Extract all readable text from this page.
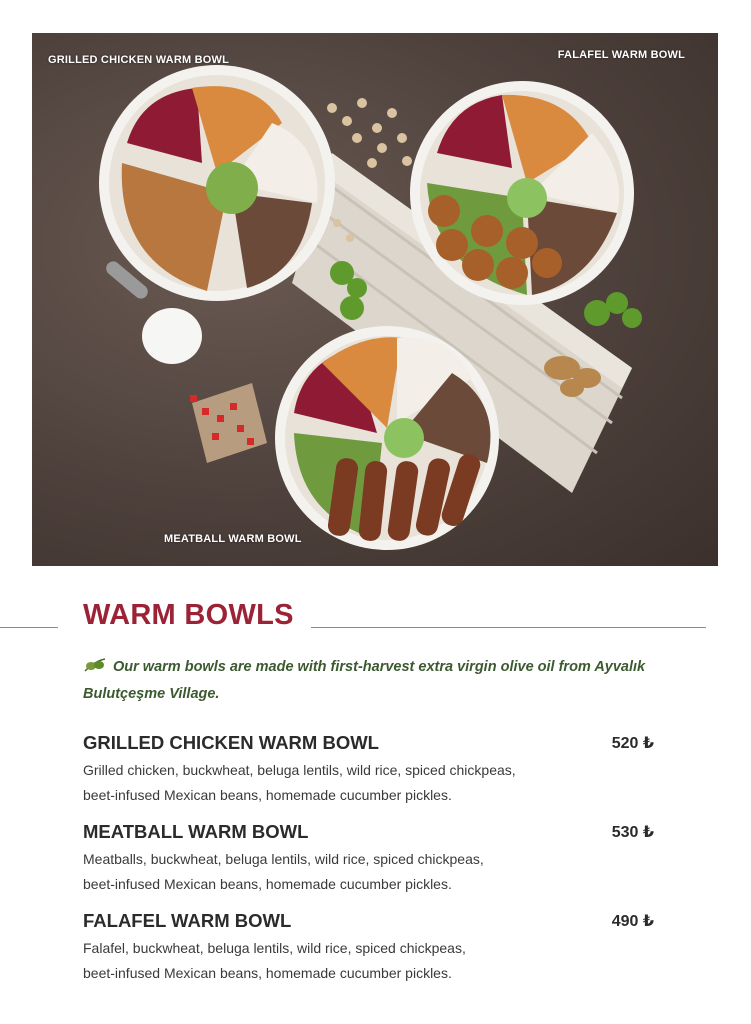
GRILLED CHICKEN WARM BOWL	FALAFEL WARM BOWL
MEATBALL WARM BOWL
WARM BOWLS
Our warm bowls are made with first-harvest extra virgin olive oil from Ayvalık Bulutçeşme Village.
GRILLED CHICKEN WARM BOWL	520 ₺
Grilled chicken, buckwheat, beluga lentils, wild rice, spiced chickpeas,
beet-infused Mexican beans, homemade cucumber pickles.
MEATBALL WARM BOWL	530 ₺
Meatballs, buckwheat, beluga lentils, wild rice, spiced chickpeas,
beet-infused Mexican beans, homemade cucumber pickles.
FALAFEL WARM BOWL	490 ₺
Falafel, buckwheat, beluga lentils, wild rice, spiced chickpeas,
beet-infused Mexican beans, homemade cucumber pickles.
